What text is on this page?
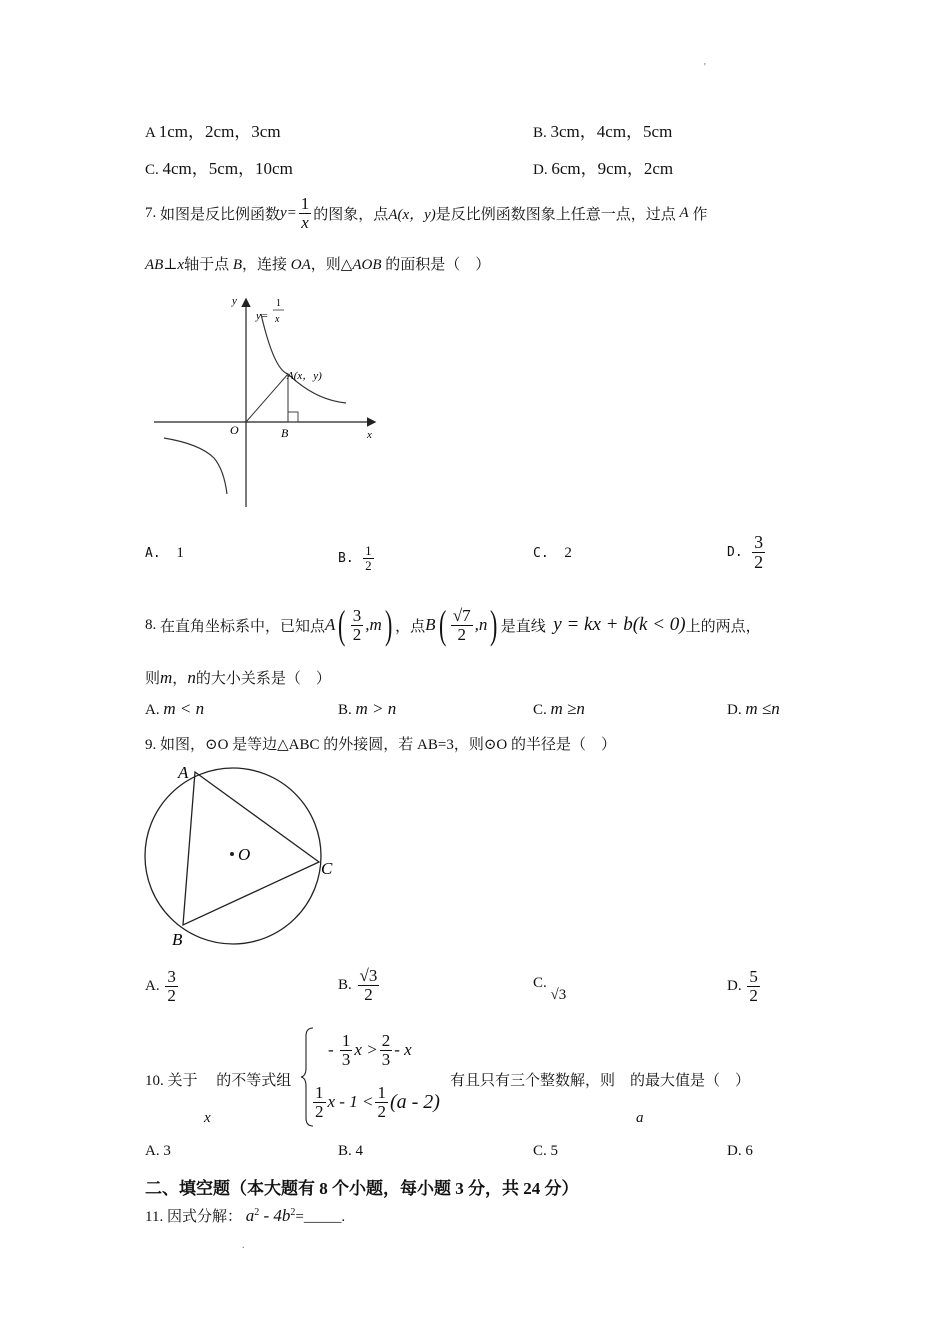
'
.
A 1cm，2cm，3cm	B. 3cm，4cm，5cm
C. 4cm，5cm，10cm	D. 6cm，9cm，2cm
7.
如图是反比例函数 $y= \frac{1}{x}$ 的图象，点 A(x，y) 是反比例函数图象上任意一点，过点
A
作
AB⊥x轴于点 B，连接 OA，则△AOB 的面积是（　）
y
x
O	B
A(x，y)
y=
1
x
A. 1	B.
$\frac{1}{2}$	C. 2	D.
$\frac{3}{2}$
8.
在直角坐标系中，已知点 A ( $\frac{3}{2} ,m$ ) ，点 B ( $\frac{√7}{2} ,n$ ) 是直线
y = kx + b(k < 0) 上的两点，
则m，n的大小关系是（　）
A. m < n	B. m > n	C. m ≥n	D. m ≤n
9. 如图，⊙O 是等边△ABC 的外接圆，若 AB=3，则⊙O 的半径是（　）
A
B
C
O
A.
$\frac{3}{2}$	B.
$\frac{√3}{2}$	C. √3
D.
$\frac{5}{2}$
10. 关于 的不等式组
x
-
$\frac{1}{3}$ $x > \frac{2}{3} - x$
$\frac{1}{2}$ $x - 1 < \frac{1}{2} (a - 2)$
有且只有三个整数解，则 的最大值是（　）
a
A. 3	B. 4	C. 5	D. 6
二、填空题（本大题有 8 个小题，每小题 3 分，共 24 分）
11. 因式分解： $a^2$ - $4b^2=\_\_\_\_\_$.
